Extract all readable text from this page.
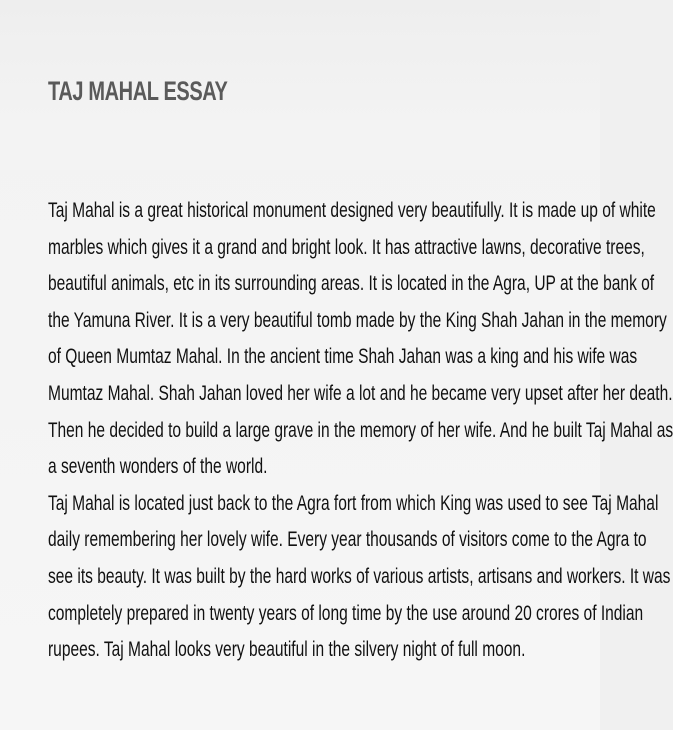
TAJ MAHAL ESSAY
Taj Mahal is a great historical monument designed very beautifully. It is made up of white
marbles which gives it a grand and bright look. It has attractive lawns, decorative trees,
beautiful animals, etc in its surrounding areas. It is located in the Agra, UP at the bank of
the Yamuna River. It is a very beautiful tomb made by the King Shah Jahan in the memory
of Queen Mumtaz Mahal. In the ancient time Shah Jahan was a king and his wife was
Mumtaz Mahal. Shah Jahan loved her wife a lot and he became very upset after her death.
Then he decided to build a large grave in the memory of her wife. And he built Taj Mahal as
a seventh wonders of the world.
Taj Mahal is located just back to the Agra fort from which King was used to see Taj Mahal
daily remembering her lovely wife. Every year thousands of visitors come to the Agra to
see its beauty. It was built by the hard works of various artists, artisans and workers. It was
completely prepared in twenty years of long time by the use around 20 crores of Indian
rupees. Taj Mahal looks very beautiful in the silvery night of full moon.
